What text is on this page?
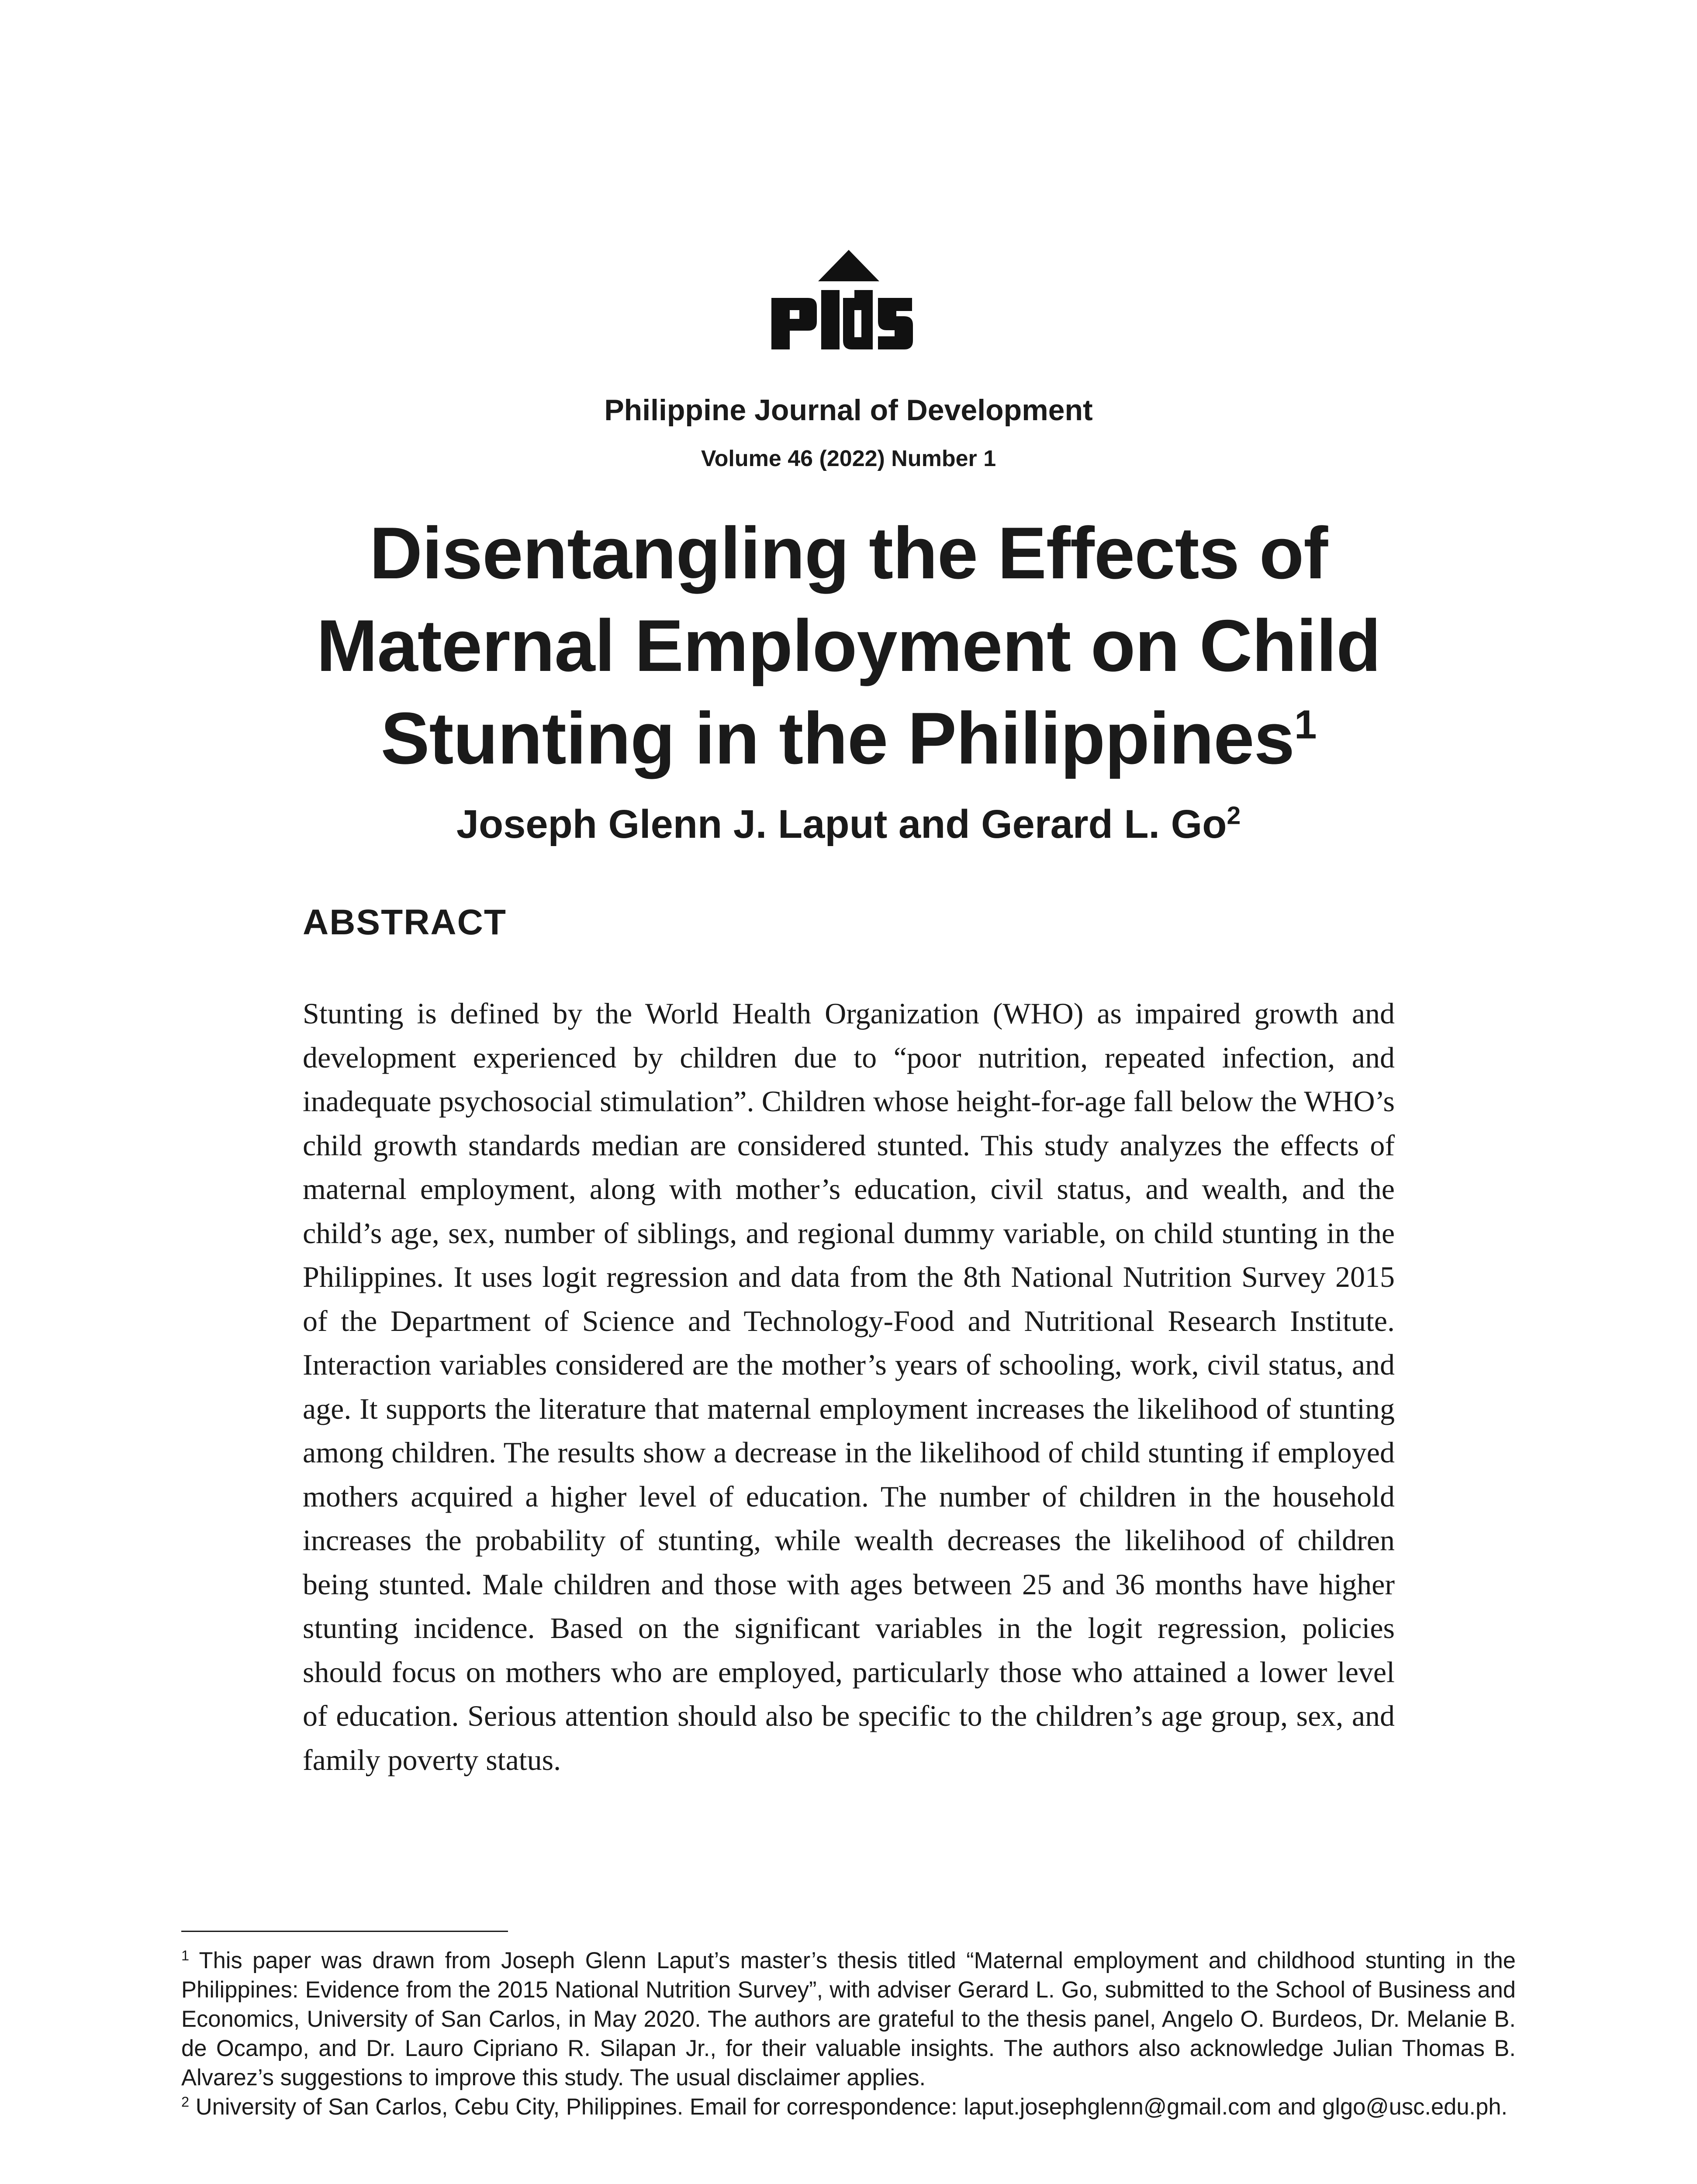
Philippine Journal of Development
Volume 46 (2022) Number 1
Disentangling the Effects of
Maternal Employment on Child
Stunting in the Philippines$^1$
Joseph Glenn J. Laput and Gerard L. Go$^2$
ABSTRACT

Stunting is defined by the World Health Organization (WHO) as impaired growth and development experienced by children due to “poor nutrition, repeated infection, and inadequate psychosocial stimulation”. Children whose height-for-age fall below the WHO’s child growth standards median are considered stunted. This study analyzes the effects of maternal employment, along with mother’s education, civil status, and wealth, and the child’s age, sex, number of siblings, and regional dummy variable, on child stunting in the Philippines. It uses logit regression and data from the 8th National Nutrition Survey 2015 of the Department of Science and Technology-Food and Nutritional Research Institute. Interaction variables considered are the mother’s years of schooling, work, civil status, and age. It supports the literature that maternal employment increases the likelihood of stunting among children. The results show a decrease in the likelihood of child stunting if employed mothers acquired a higher level of education. The number of children in the household increases the probability of stunting, while wealth decreases the likelihood of children being stunted. Male children and those with ages between 25 and 36 months have higher stunting incidence. Based on the significant variables in the logit regression, policies should focus on mothers who are employed, particularly those who attained a lower level of education. Serious attention should also be specific to the children’s age group, sex, and family poverty status.

$^1$ This paper was drawn from Joseph Glenn Laput’s master’s thesis titled “Maternal employment and childhood stunting in the Philippines: Evidence from the 2015 National Nutrition Survey”, with adviser Gerard L. Go, submitted to the School of Business and Economics, University of San Carlos, in May 2020. The authors are grateful to the thesis panel, Angelo O. Burdeos, Dr. Melanie B. de Ocampo, and Dr. Lauro Cipriano R. Silapan Jr., for their valuable insights. The authors also acknowledge Julian Thomas B. Alvarez’s suggestions to improve this study. The usual disclaimer applies.

$^2$ University of San Carlos, Cebu City, Philippines. Email for correspondence: laput.josephglenn@gmail.com and glgo@usc.edu.ph.
